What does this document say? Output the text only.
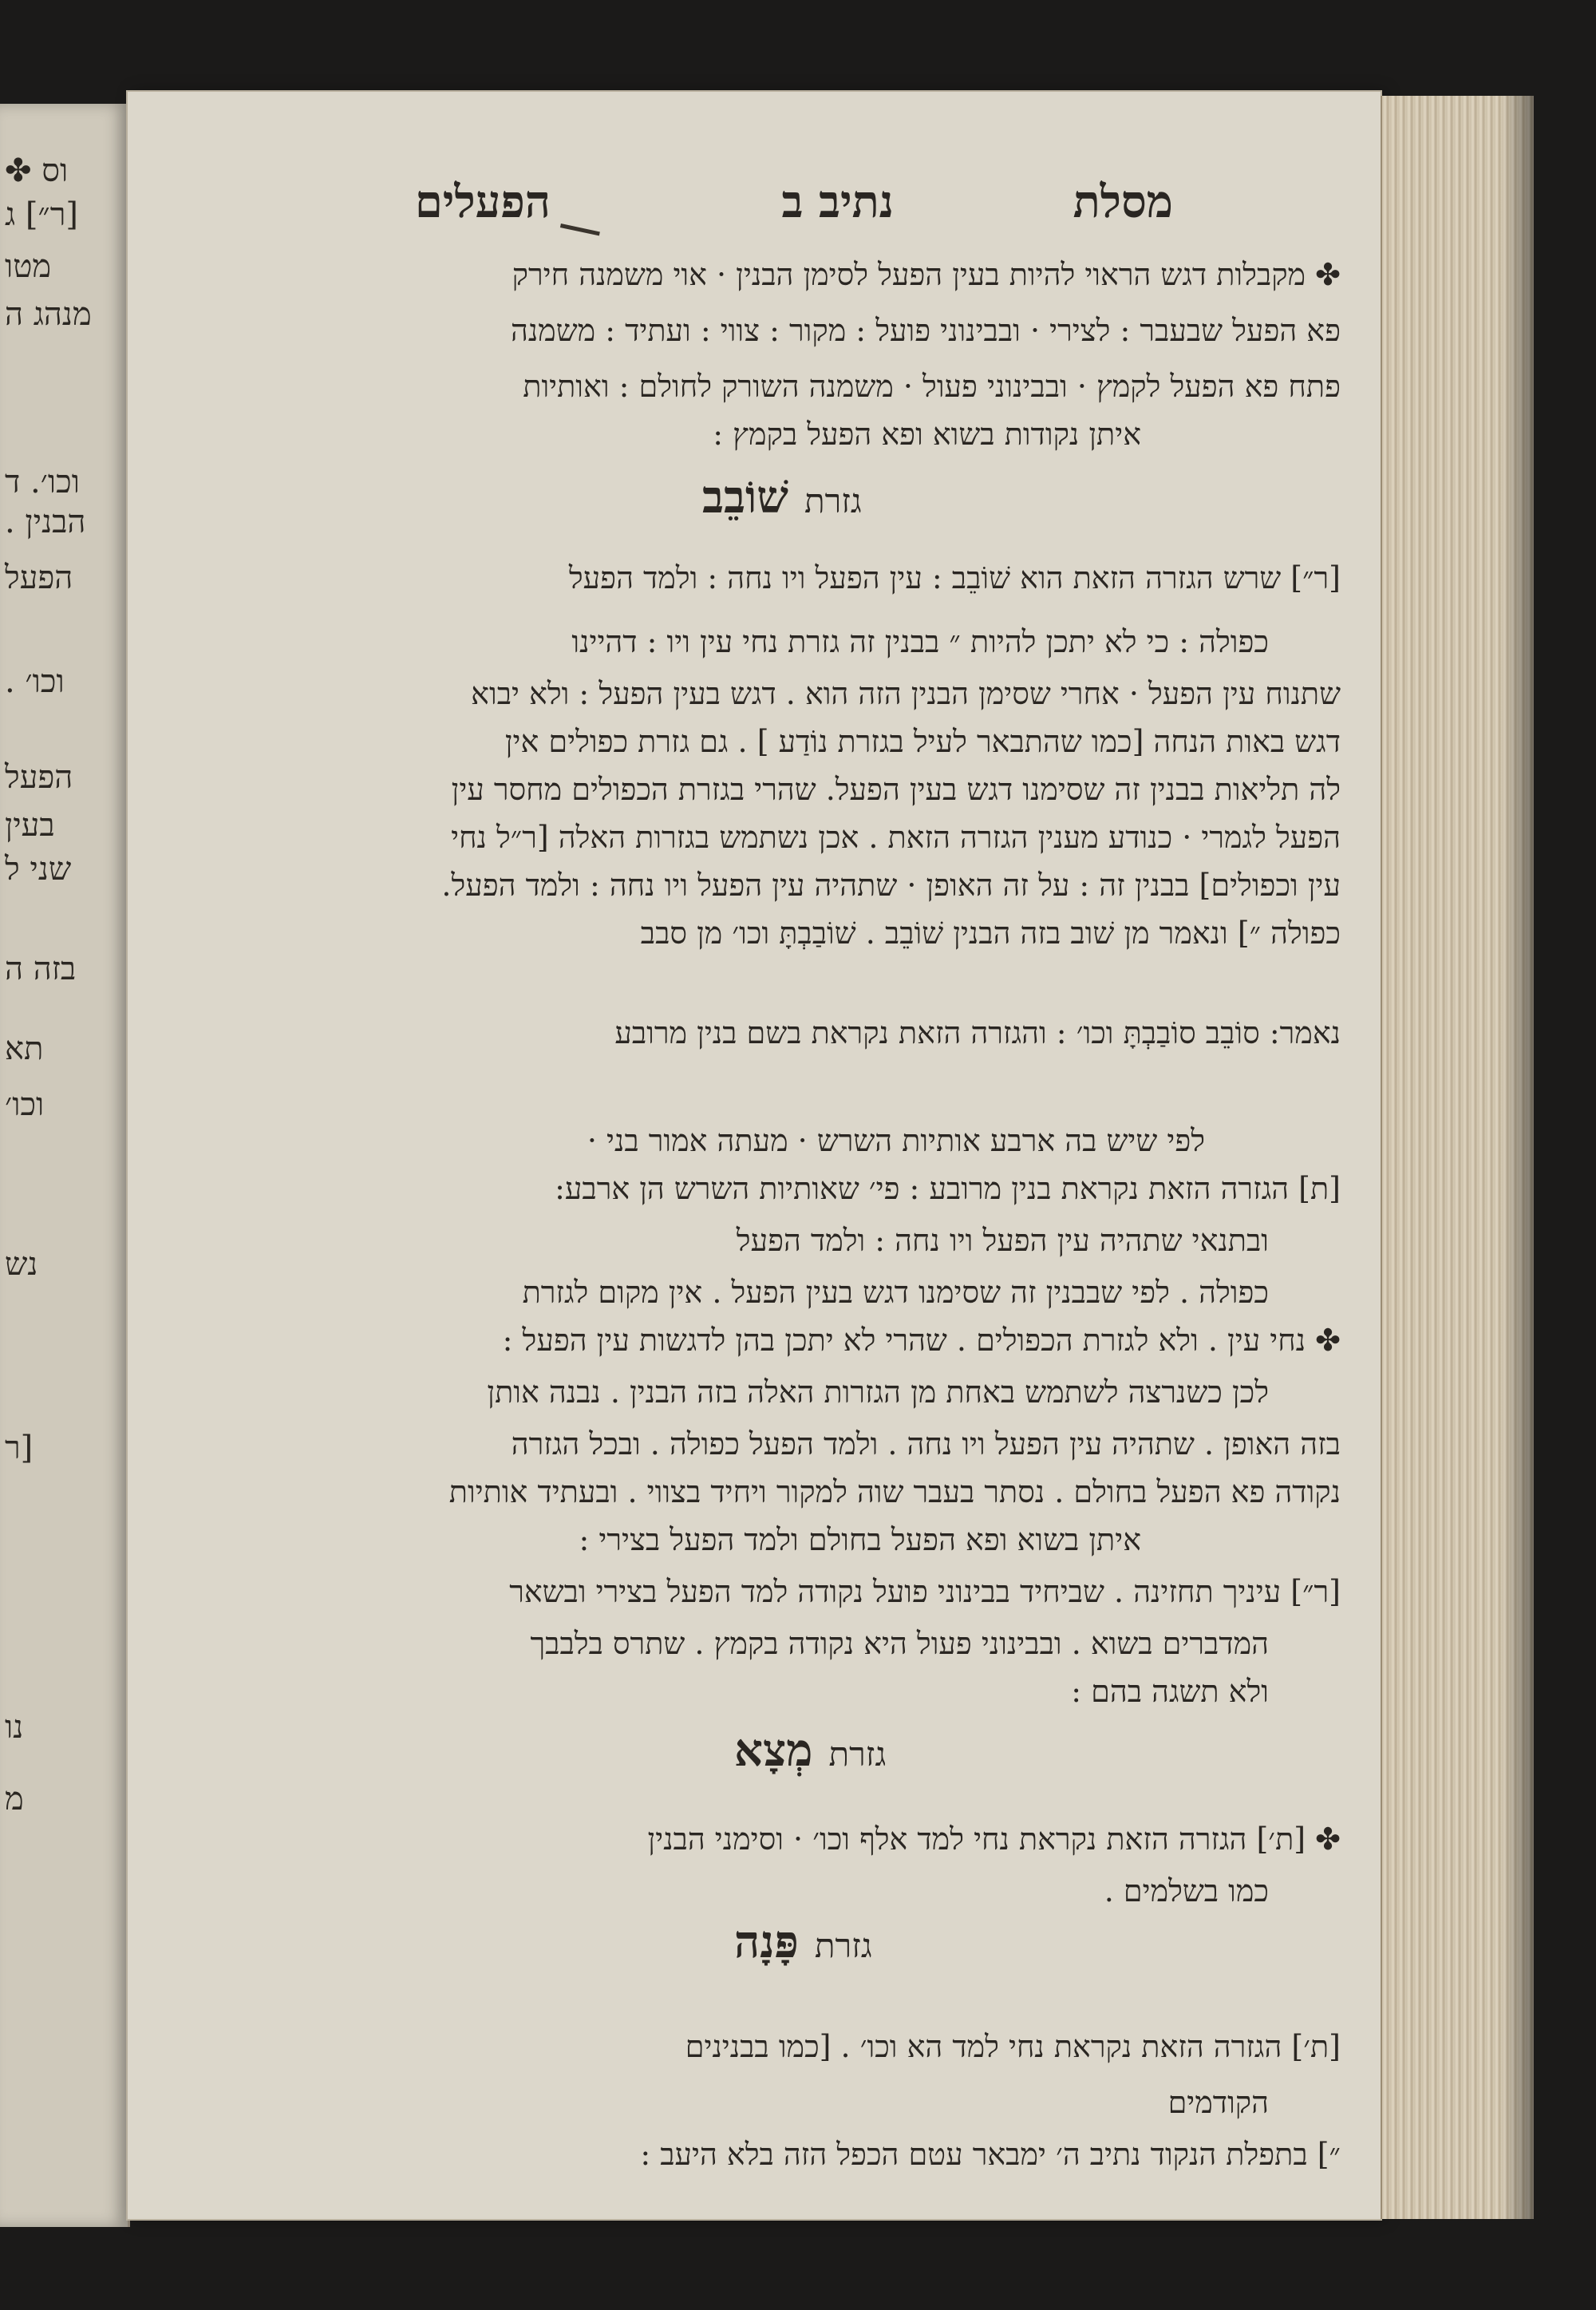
וס ✤
[ר״] ג
מטו
מנהג ה
וכו׳. ד
הבנין .
הפעל
וכו׳ .
הפעל
בעין
שני ל
בזה ה
תא
וכו׳
נש
[ר
נו
מ
מסלת
נתיב ב
הפעלים
✤ מקבלות דגש הראוי להיות בעין הפעל לסימן הבנין · אוי משמנה חירק
פא הפעל שבעבר : לצירי · ובבינוני פועל : מקור : צווי : ועתיד : משמנה
פתח פא הפעל לקמץ · ובבינוני פעול · משמנה השורק לחולם : ואותיות
איתן נקודות בשוא ופא הפעל בקמץ :
[ר״] שרש הגזרה הזאת הוא שׁוֹבֵב : עין הפעל ויו נחה : ולמד הפעל
כפולה : כי לא יתכן להיות ״ בבנין זה גזרת נחי עין ויו : דהיינו
שתנוח עין הפעל · אחרי שסימן הבנין הזה הוא . דגש בעין הפעל : ולא יבוא
דגש באות הנחה [כמו שהתבאר לעיל בגזרת נוֹדַע ] . גם גזרת כפולים אין
לה תליאות בבנין זה שסימנו דגש בעין הפעל. שהרי בגזרת הכפולים מחסר עין
הפעל לגמרי · כנודע מענין הגזרה הזאת . אכן נשתמש בגזרות האלה [ר״ל נחי
עין וכפולים] בבנין זה : על זה האופן · שתהיה עין הפעל ויו נחה : ולמד הפעל.
כפולה ״] ונאמר מן שׁוב בזה הבנין שׁוֹבֵב . שׁוֹבַבְתָּ וכו׳ מן סבב
נאמר: סוֹבֵב סוֹבַבְתָּ וכו׳ : והגזרה הזאת נקראת בשם בנין מרובע
לפי שיש בה ארבע אותיות השרש · מעתה אמור בני ·
[ת] הגזרה הזאת נקראת בנין מרובע : פי׳ שאותיות השרש הן ארבע:
ובתנאי שתהיה עין הפעל ויו נחה : ולמד הפעל
כפולה . לפי שבבנין זה שסימנו דגש בעין הפעל . אין מקום לגזרת
✤ נחי עין . ולא לגזרת הכפולים . שהרי לא יתכן בהן לדגשות עין הפעל :
לכן כשנרצה לשתמש באחת מן הגזרות האלה בזה הבנין . נבנה אותן
בזה האופן . שתהיה עין הפעל ויו נחה . ולמד הפעל כפולה . ובכל הגזרה
נקודה פא הפעל בחולם . נסתר בעבר שוה למקור ויחיד בצווי . ובעתיד אותיות
איתן בשוא ופא הפעל בחולם ולמד הפעל בצירי :
[ר״] עיניך תחזינה . שביחיד בבינוני פועל נקודה למד הפעל בצירי ובשאר
המדברים בשוא . ובבינוני פעול היא נקודה בקמץ . שתרס בלבבך
ולא תשגה בהם :
✤ [ת׳] הגזרה הזאת נקראת נחי למד אלף וכו׳ · וסימני הבנין
כמו בשלמים .
[ת׳] הגזרה הזאת נקראת נחי למד הא וכו׳ . [כמו בבנינים
הקודמים
״] בתפלת הנקוד נתיב ה׳ ימבאר עטם הכפל הזה בלא היעב :
גזרתשׁוֹבֵב
גזרתמְצָא
גזרתפָּנָה
